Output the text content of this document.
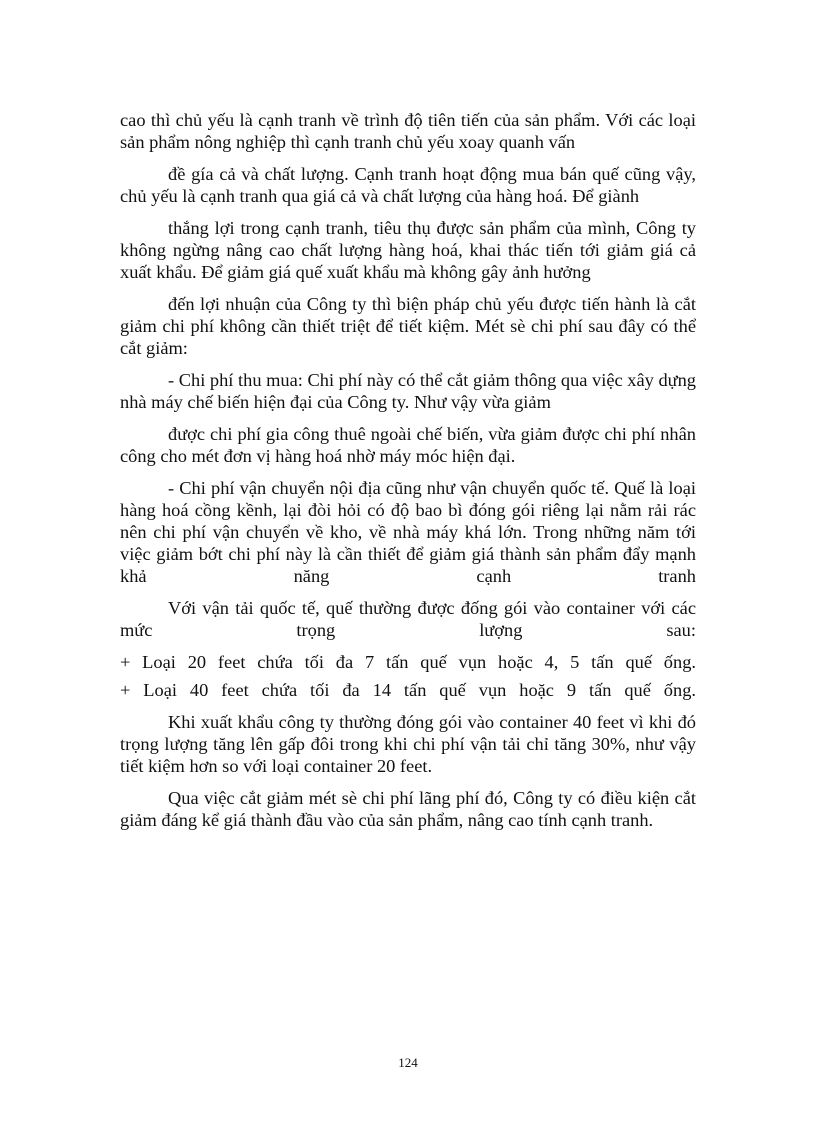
cao thì chủ yếu là cạnh tranh về trình độ tiên tiến của sản phẩm. Với các loại sản phẩm nông nghiệp thì cạnh tranh chủ yếu xoay quanh vấn

đề gía cả và chất lượng. Cạnh tranh hoạt động mua bán quế cũng vậy, chủ yếu là cạnh tranh qua giá cả và chất lượng của hàng hoá. Để giành

thắng lợi trong cạnh tranh, tiêu thụ được sản phẩm của mình, Công ty không ngừng nâng cao chất lượng hàng hoá, khai thác tiến tới giảm giá cả xuất khẩu. Để giảm giá quế xuất khẩu mà không gây ảnh hưởng

đến lợi nhuận của Công ty thì biện pháp chủ yếu được tiến hành là cắt giảm chi phí không cần thiết triệt để tiết kiệm. Mét sè chi phí sau đây có thể cắt giảm:

- Chi phí thu mua: Chi phí này có thể cắt giảm thông qua việc xây dựng nhà máy chế biến hiện đại của Công ty. Như vậy vừa giảm

được chi phí gia công thuê ngoài chế biến, vừa giảm được chi phí nhân công cho mét đơn vị hàng hoá nhờ máy móc hiện đại.

- Chi phí vận chuyển nội địa cũng như vận chuyển quốc tế. Quế là loại hàng hoá cồng kềnh, lại đòi hỏi có độ bao bì đóng gói riêng lại nằm rải rác nên chi phí vận chuyển về kho, về nhà máy khá lớn. Trong những năm tới việc giảm bớt chi phí này là cần thiết để giảm giá thành sản phẩm đẩy mạnh khả năng cạnh tranh

Với vận tải quốc tế, quế thường được đống gói vào container với các mức trọng lượng sau:

+ Loại 20 feet chứa tối đa 7 tấn quế vụn hoặc 4, 5 tấn quế ống.

+ Loại 40 feet chứa tối đa 14 tấn quế vụn hoặc 9 tấn quế ống.

Khi xuất khẩu công ty thường đóng gói vào container 40 feet vì khi đó trọng lượng tăng lên gấp đôi trong khi chi phí vận tải chỉ tăng 30%, như vậy tiết kiệm hơn so với loại container 20 feet.

Qua việc cắt giảm mét sè chi phí lãng phí đó, Công ty có điều kiện cắt giảm đáng kể giá thành đầu vào của sản phẩm, nâng cao tính cạnh tranh.

124
